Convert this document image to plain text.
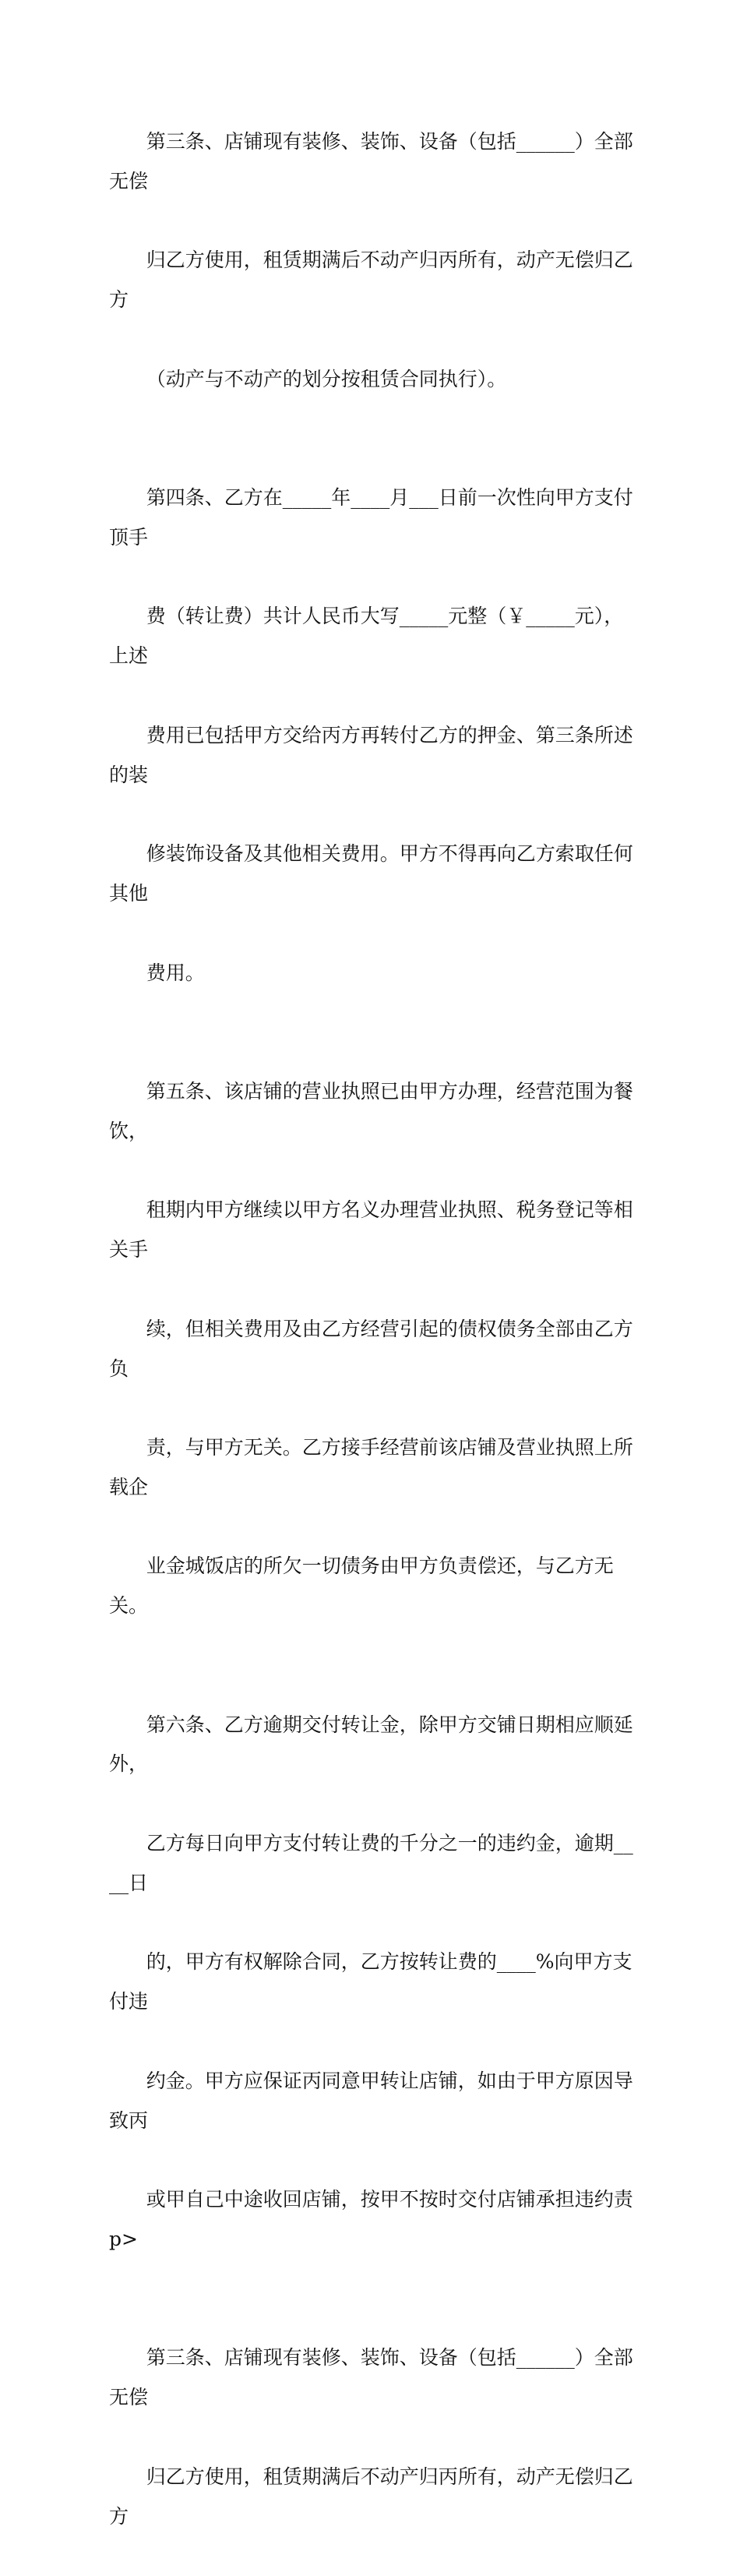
第三条、店铺现有装修、装饰、设备（包括______）全部无偿

归乙方使用，租赁期满后不动产归丙所有，动产无偿归乙方

（动产与不动产的划分按租赁合同执行）。

第四条、乙方在_____年____月___日前一次性向甲方支付顶手

费（转让费）共计人民币大写_____元整（￥_____元），上述

费用已包括甲方交给丙方再转付乙方的押金、第三条所述的装

修装饰设备及其他相关费用。甲方不得再向乙方索取任何其他

费用。

第五条、该店铺的营业执照已由甲方办理，经营范围为餐饮，

租期内甲方继续以甲方名义办理营业执照、税务登记等相关手

续，但相关费用及由乙方经营引起的债权债务全部由乙方负

责，与甲方无关。乙方接手经营前该店铺及营业执照上所载企

业金城饭店的所欠一切债务由甲方负责偿还，与乙方无关。

第六条、乙方逾期交付转让金，除甲方交铺日期相应顺延外，

乙方每日向甲方支付转让费的千分之一的违约金，逾期____日

的，甲方有权解除合同，乙方按转让费的____%向甲方支付违

约金。甲方应保证丙同意甲转让店铺，如由于甲方原因导致丙

或甲自己中途收回店铺，按甲不按时交付店铺承担违约责 p>

第三条、店铺现有装修、装饰、设备（包括______）全部无偿

归乙方使用，租赁期满后不动产归丙所有，动产无偿归乙方
